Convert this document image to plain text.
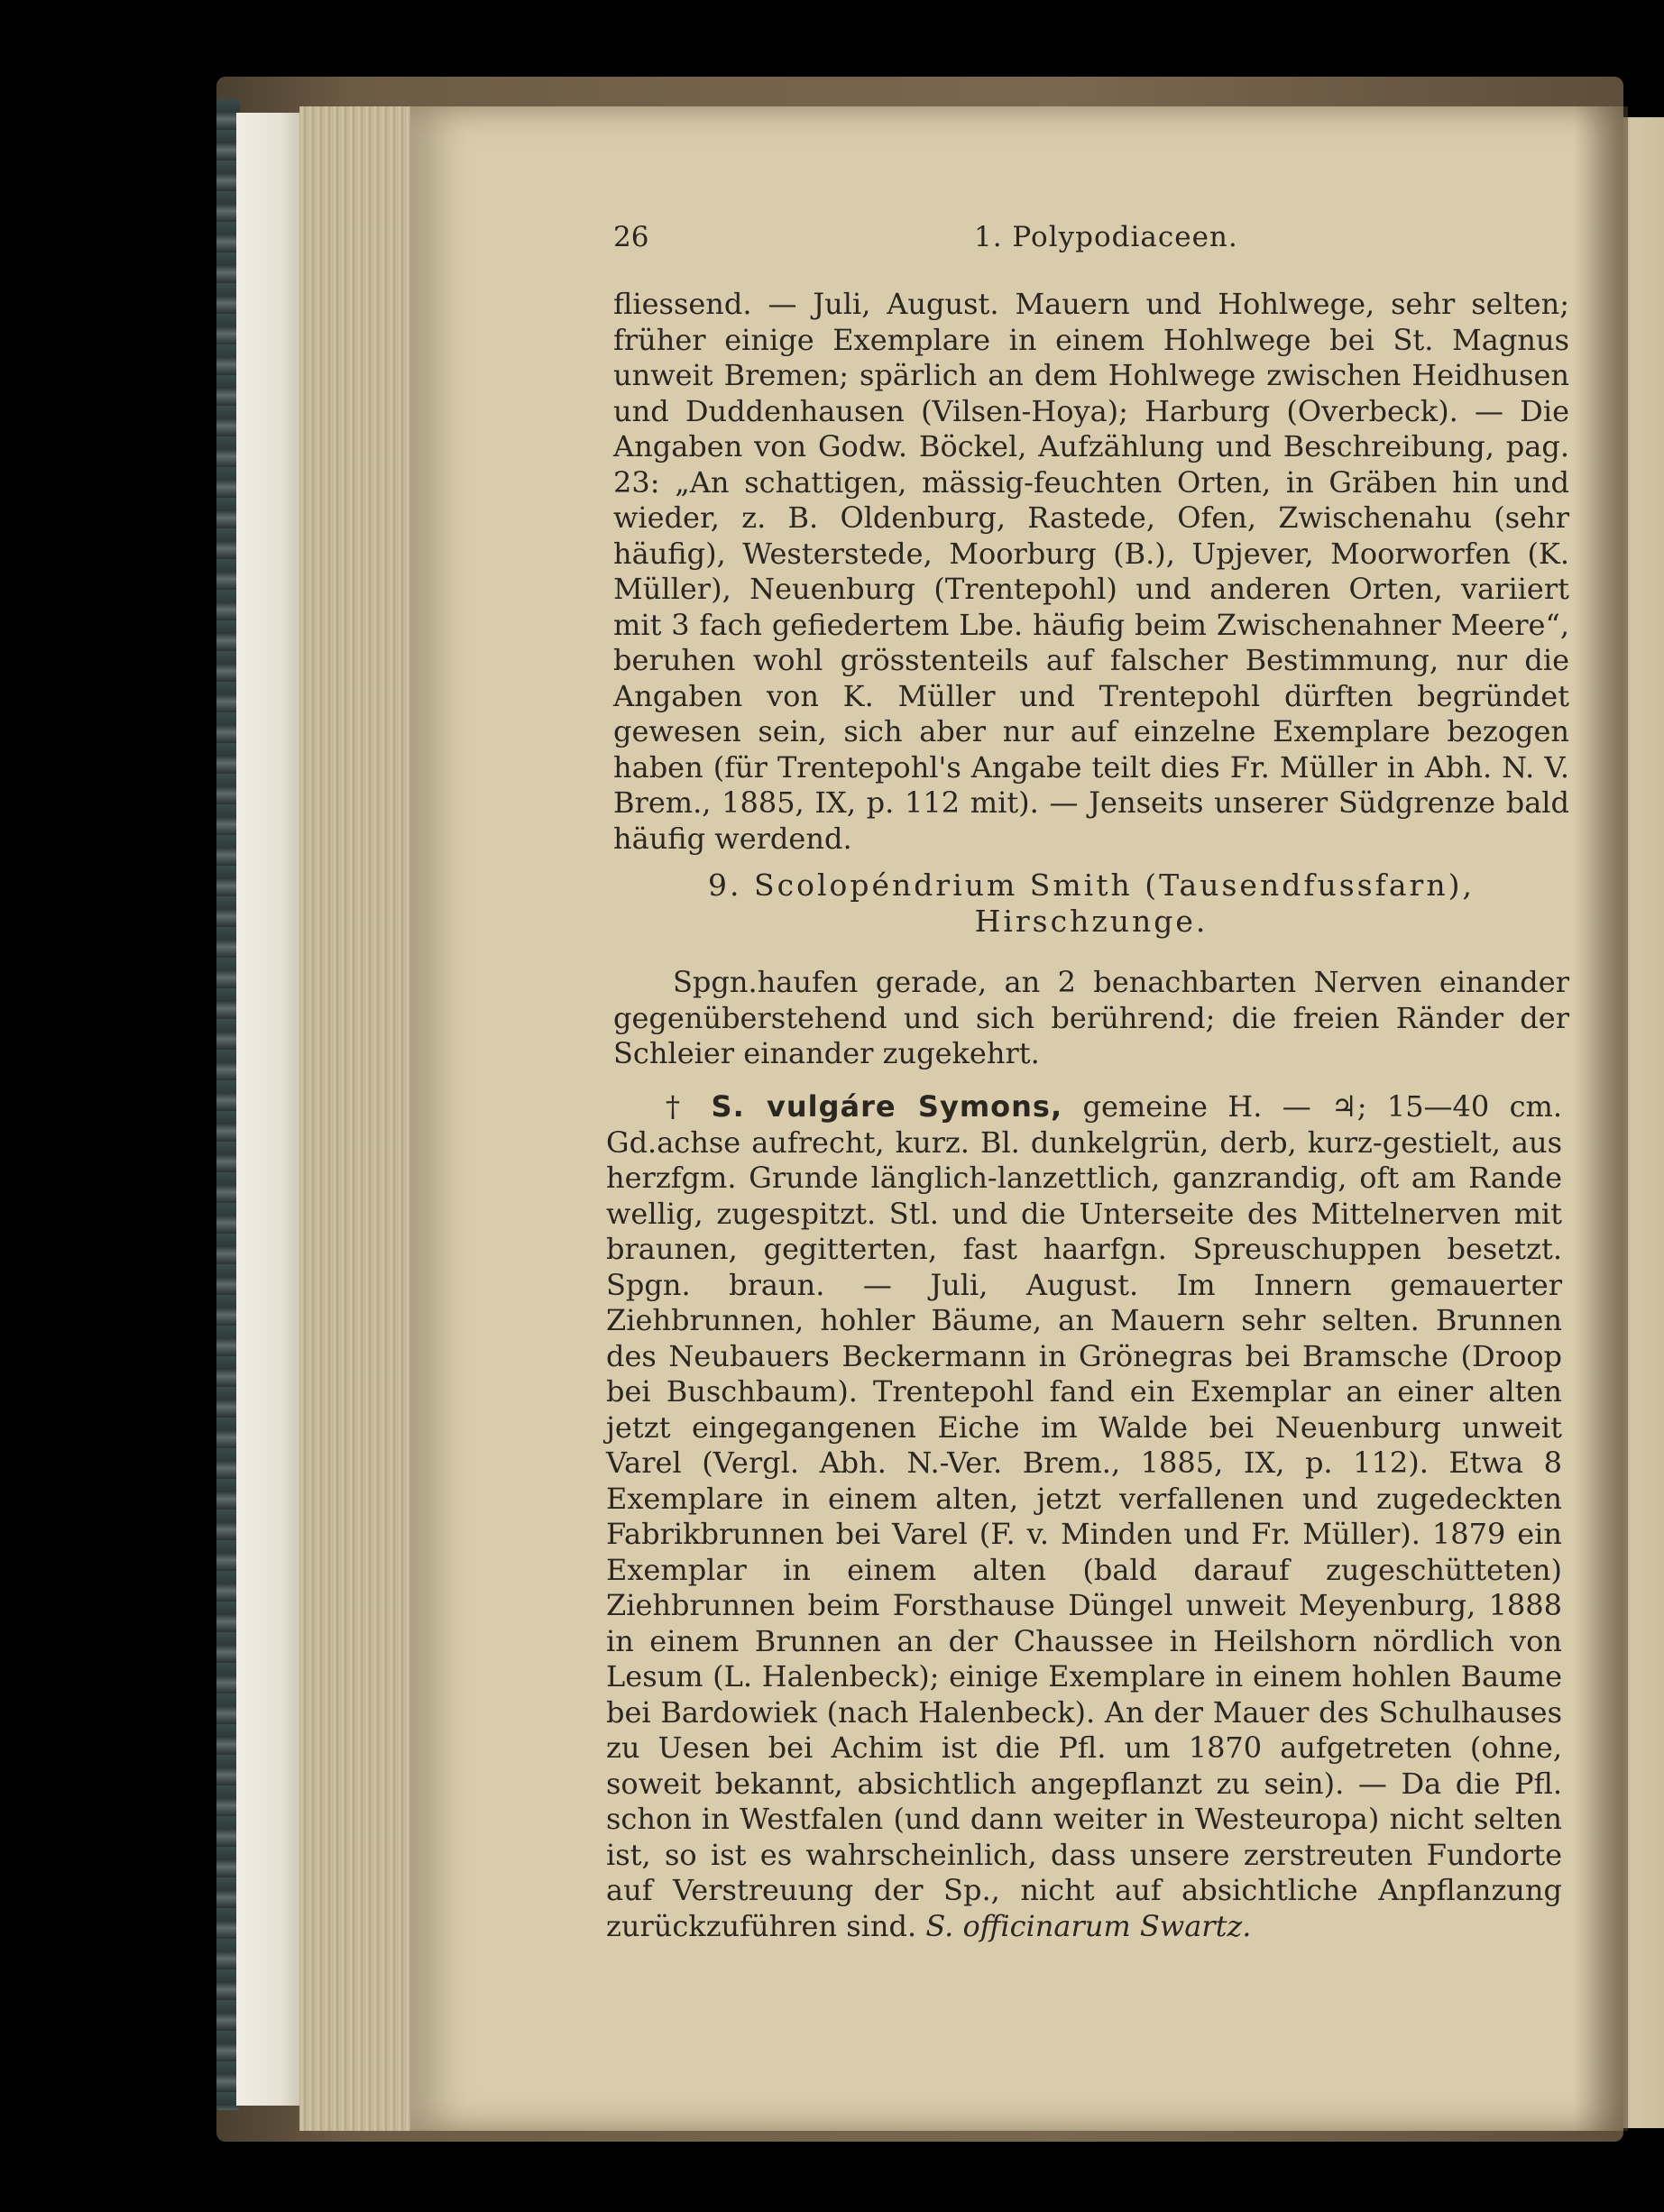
26	1. Polypodiaceen.
fliessend. — Juli, August. Mauern und Hohlwege, sehr selten; früher einige Exemplare in einem Hohlwege bei St. Magnus unweit Bremen; spärlich an dem Hohlwege zwischen Heidhusen und Duddenhausen (Vilsen-Hoya); Harburg (Overbeck). — Die Angaben von Godw. Böckel, Aufzählung und Beschreibung, pag. 23: „An schattigen, mässig-feuchten Orten, in Gräben hin und wieder, z. B. Oldenburg, Rastede, Ofen, Zwischenahu (sehr häufig), Westerstede, Moorburg (B.), Upjever, Moorworfen (K. Müller), Neuenburg (Trentepohl) und anderen Orten, variiert mit 3 fach gefiedertem Lbe. häufig beim Zwischenahner Meere“, beruhen wohl grösstenteils auf falscher Bestimmung, nur die Angaben von K. Müller und Trentepohl dürften begründet gewesen sein, sich aber nur auf einzelne Exemplare bezogen haben (für Trentepohl's Angabe teilt dies Fr. Müller in Abh. N. V. Brem., 1885, IX, p. 112 mit). — Jenseits unserer Südgrenze bald häufig werdend.
9. Scolopéndrium Smith (Tausendfussfarn), Hirschzunge.
Spgn.haufen gerade, an 2 benachbarten Nerven einander gegenüberstehend und sich berührend; die freien Ränder der Schleier einander zugekehrt.
† S. vulgáre Symons, gemeine H. — ♃; 15—40 cm. Gd.achse aufrecht, kurz. Bl. dunkelgrün, derb, kurz-gestielt, aus herzfgm. Grunde länglich-lanzettlich, ganzrandig, oft am Rande wellig, zugespitzt. Stl. und die Unterseite des Mittelnerven mit braunen, gegitterten, fast haarfgn. Spreuschuppen besetzt. Spgn. braun. — Juli, August. Im Innern gemauerter Ziehbrunnen, hohler Bäume, an Mauern sehr selten. Brunnen des Neubauers Beckermann in Grönegras bei Bramsche (Droop bei Buschbaum). Trentepohl fand ein Exemplar an einer alten jetzt eingegangenen Eiche im Walde bei Neuenburg unweit Varel (Vergl. Abh. N.-Ver. Brem., 1885, IX, p. 112). Etwa 8 Exemplare in einem alten, jetzt verfallenen und zugedeckten Fabrikbrunnen bei Varel (F. v. Minden und Fr. Müller). 1879 ein Exemplar in einem alten (bald darauf zugeschütteten) Ziehbrunnen beim Forsthause Düngel unweit Meyenburg, 1888 in einem Brunnen an der Chaussee in Heilshorn nördlich von Lesum (L. Halenbeck); einige Exemplare in einem hohlen Baume bei Bardowiek (nach Halenbeck). An der Mauer des Schulhauses zu Uesen bei Achim ist die Pfl. um 1870 aufgetreten (ohne, soweit bekannt, absichtlich angepflanzt zu sein). — Da die Pfl. schon in Westfalen (und dann weiter in Westeuropa) nicht selten ist, so ist es wahrscheinlich, dass unsere zerstreuten Fundorte auf Verstreuung der Sp., nicht auf absichtliche Anpflanzung zurückzuführen sind. S. officinarum Swartz.
